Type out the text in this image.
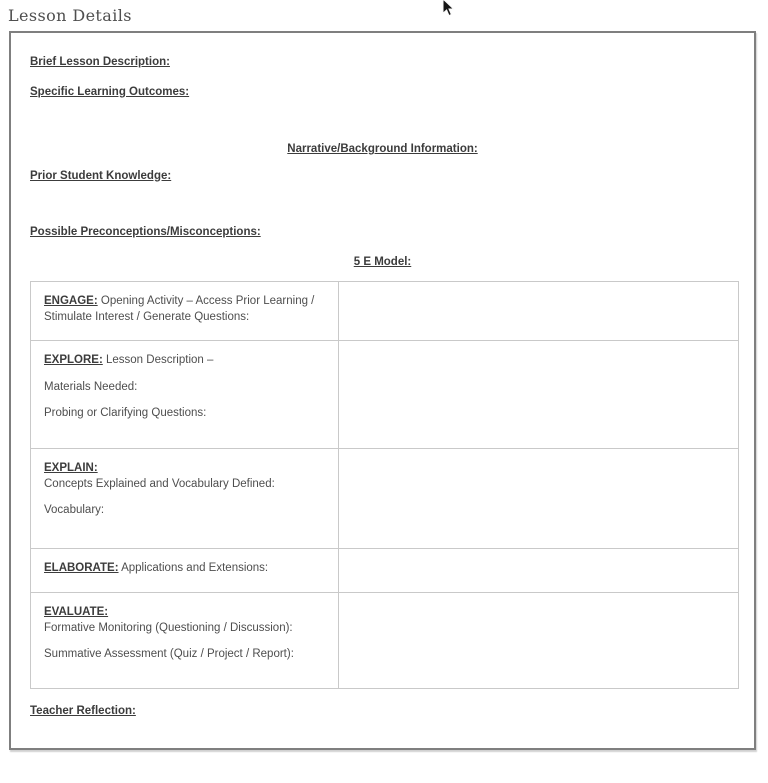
Lesson Details

Brief Lesson Description:

Specific Learning Outcomes:

Narrative/Background Information:

Prior Student Knowledge:

Possible Preconceptions/Misconceptions:

5 E Model:

ENGAGE: Opening Activity – Access Prior Learning / Stimulate Interest / Generate Questions:	

EXPLORE: Lesson Description –

Materials Needed:

Probing or Clarifying Questions:	

EXPLAIN:
Concepts Explained and Vocabulary Defined:

Vocabulary:	

ELABORATE: Applications and Extensions:	

EVALUATE:
Formative Monitoring (Questioning / Discussion):

Summative Assessment (Quiz / Project / Report):	

Teacher Reflection:
